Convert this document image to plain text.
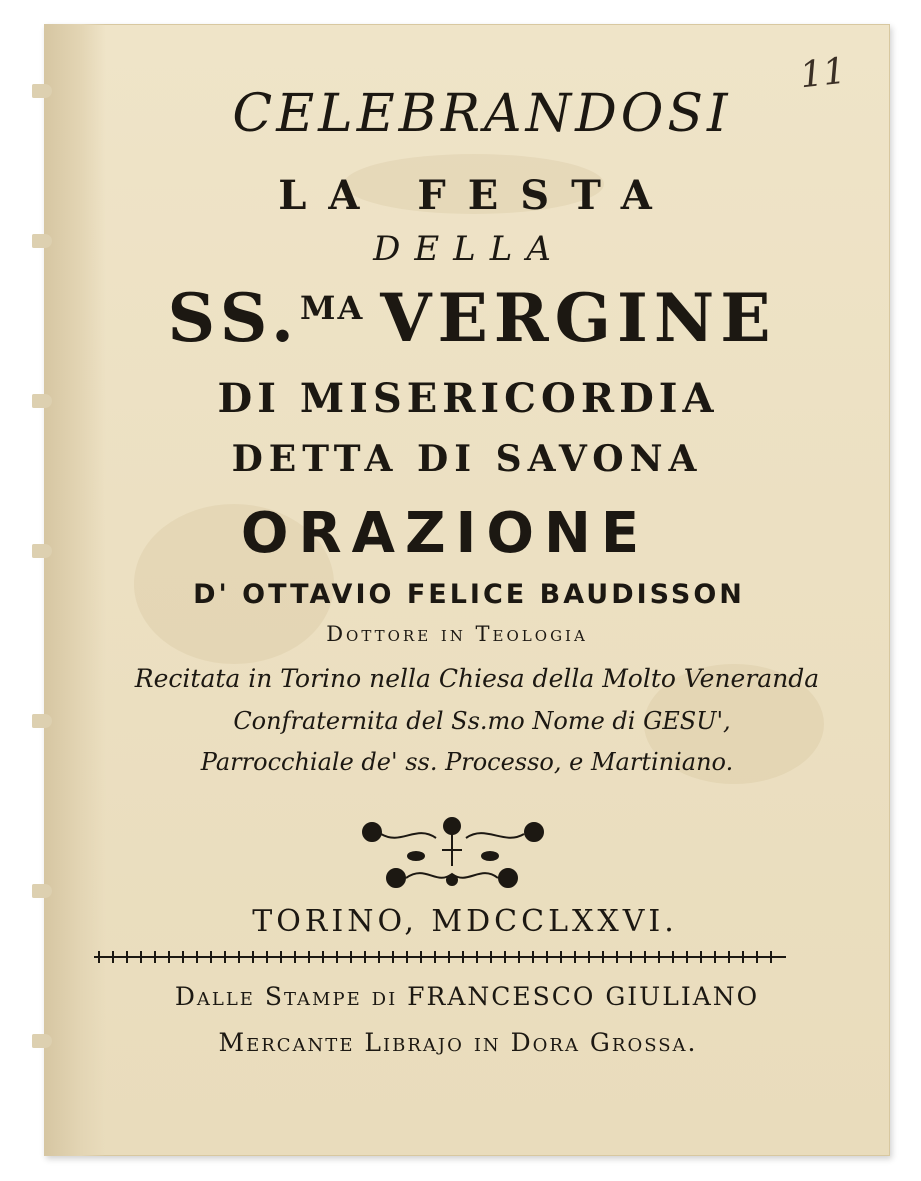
11
CELEBRANDOSI
LA FESTA
DELLA
SS.$^{MA}$ VERGINE
DI MISERICORDIA
DETTA DI SAVONA
ORAZIONE
D' OTTAVIO FELICE BAUDISSON
Dottore in Teologia
Recitata in Torino nella Chiesa della Molto Veneranda
Confraternita del Ss.mo Nome di GESU',
Parrocchiale de' ss. Processo, e Martiniano.
TORINO, MDCCLXXVI.
Dalle Stampe di FRANCESCO GIULIANO
Mercante Librajo in Dora Grossa.
